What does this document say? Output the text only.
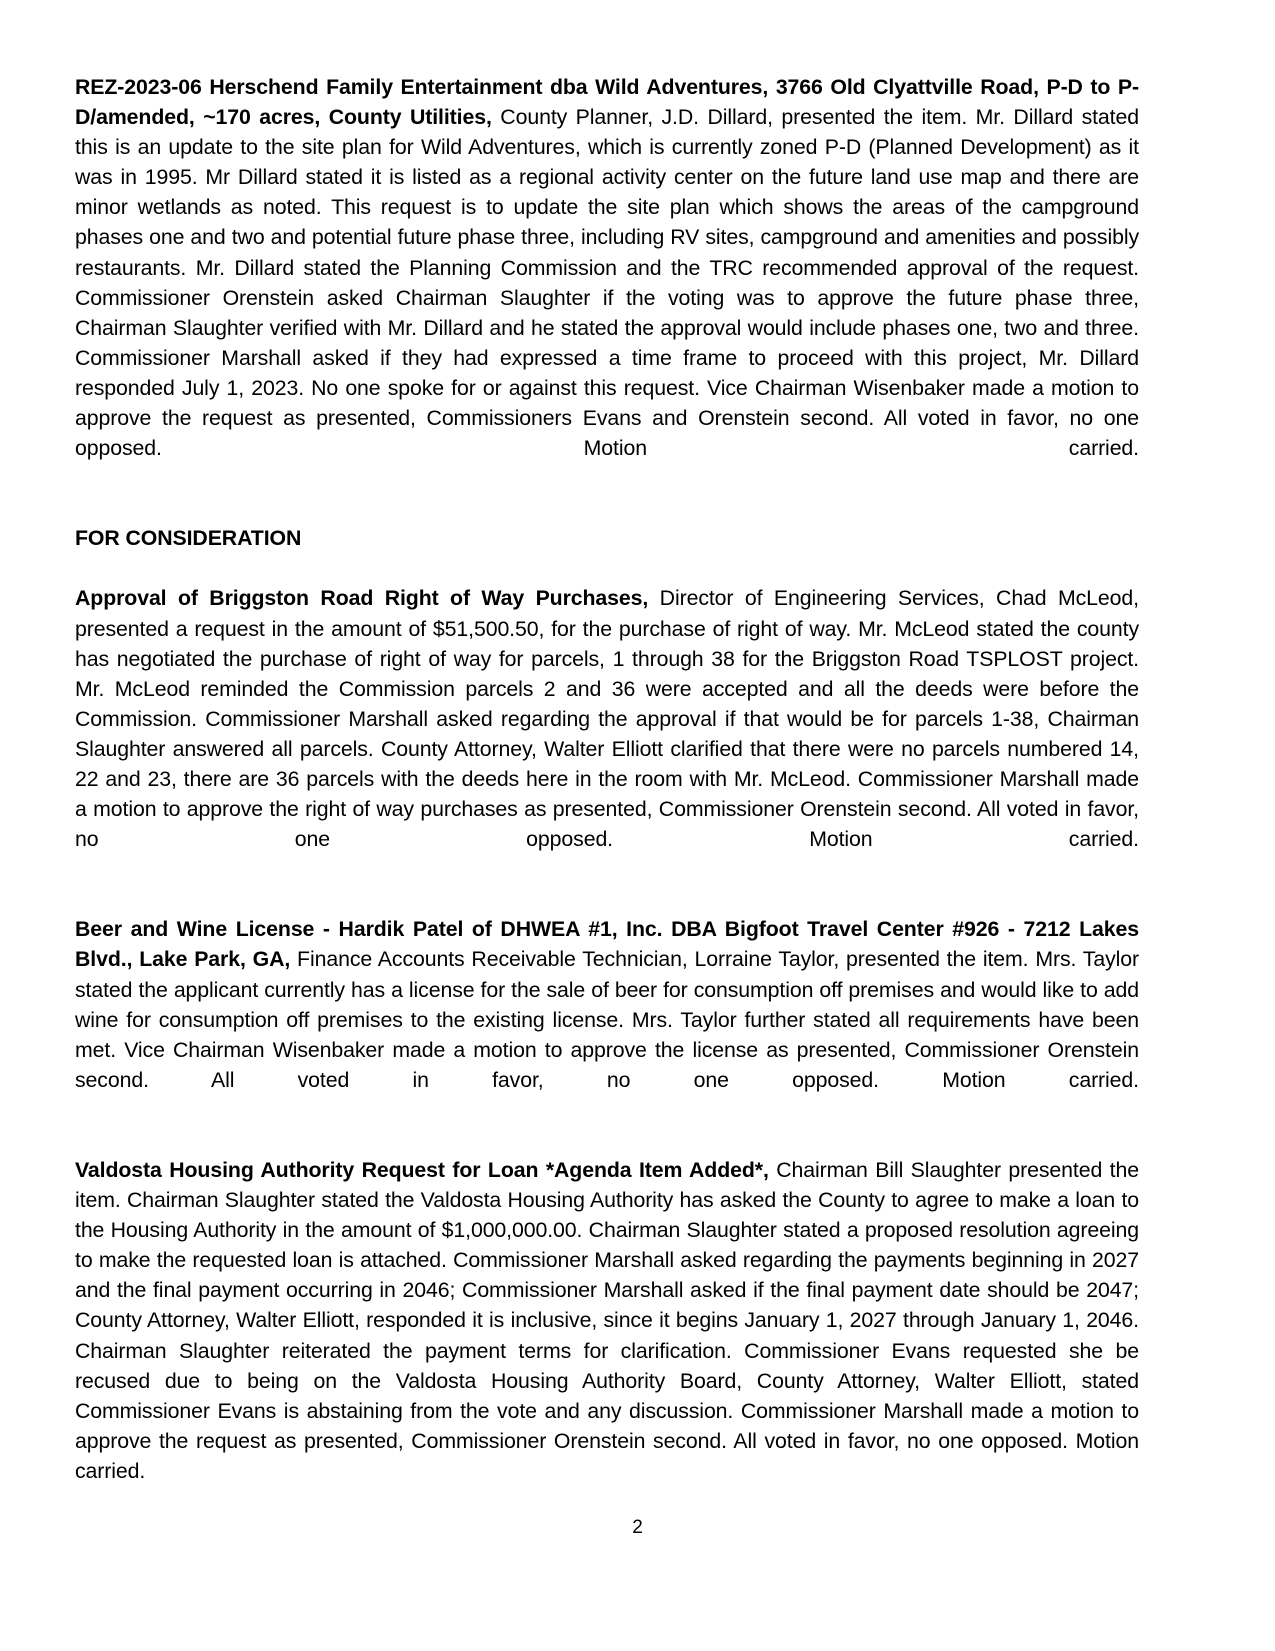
REZ-2023-06 Herschend Family Entertainment dba Wild Adventures, 3766 Old Clyattville Road, P-D to P-D/amended, ~170 acres, County Utilities, County Planner, J.D. Dillard, presented the item. Mr. Dillard stated this is an update to the site plan for Wild Adventures, which is currently zoned P-D (Planned Development) as it was in 1995. Mr Dillard stated it is listed as a regional activity center on the future land use map and there are minor wetlands as noted. This request is to update the site plan which shows the areas of the campground phases one and two and potential future phase three, including RV sites, campground and amenities and possibly restaurants. Mr. Dillard stated the Planning Commission and the TRC recommended approval of the request. Commissioner Orenstein asked Chairman Slaughter if the voting was to approve the future phase three, Chairman Slaughter verified with Mr. Dillard and he stated the approval would include phases one, two and three. Commissioner Marshall asked if they had expressed a time frame to proceed with this project, Mr. Dillard responded July 1, 2023. No one spoke for or against this request. Vice Chairman Wisenbaker made a motion to approve the request as presented, Commissioners Evans and Orenstein second. All voted in favor, no one opposed. Motion carried.

FOR CONSIDERATION

Approval of Briggston Road Right of Way Purchases, Director of Engineering Services, Chad McLeod, presented a request in the amount of $51,500.50, for the purchase of right of way. Mr. McLeod stated the county has negotiated the purchase of right of way for parcels, 1 through 38 for the Briggston Road TSPLOST project. Mr. McLeod reminded the Commission parcels 2 and 36 were accepted and all the deeds were before the Commission. Commissioner Marshall asked regarding the approval if that would be for parcels 1-38, Chairman Slaughter answered all parcels. County Attorney, Walter Elliott clarified that there were no parcels numbered 14, 22 and 23, there are 36 parcels with the deeds here in the room with Mr. McLeod. Commissioner Marshall made a motion to approve the right of way purchases as presented, Commissioner Orenstein second. All voted in favor, no one opposed. Motion carried.

Beer and Wine License - Hardik Patel of DHWEA #1, Inc. DBA Bigfoot Travel Center #926 - 7212 Lakes Blvd., Lake Park, GA, Finance Accounts Receivable Technician, Lorraine Taylor, presented the item. Mrs. Taylor stated the applicant currently has a license for the sale of beer for consumption off premises and would like to add wine for consumption off premises to the existing license. Mrs. Taylor further stated all requirements have been met. Vice Chairman Wisenbaker made a motion to approve the license as presented, Commissioner Orenstein second. All voted in favor, no one opposed. Motion carried.

Valdosta Housing Authority Request for Loan *Agenda Item Added*, Chairman Bill Slaughter presented the item. Chairman Slaughter stated the Valdosta Housing Authority has asked the County to agree to make a loan to the Housing Authority in the amount of $1,000,000.00. Chairman Slaughter stated a proposed resolution agreeing to make the requested loan is attached. Commissioner Marshall asked regarding the payments beginning in 2027 and the final payment occurring in 2046; Commissioner Marshall asked if the final payment date should be 2047; County Attorney, Walter Elliott, responded it is inclusive, since it begins January 1, 2027 through January 1, 2046. Chairman Slaughter reiterated the payment terms for clarification. Commissioner Evans requested she be recused due to being on the Valdosta Housing Authority Board, County Attorney, Walter Elliott, stated Commissioner Evans is abstaining from the vote and any discussion. Commissioner Marshall made a motion to approve the request as presented, Commissioner Orenstein second. All voted in favor, no one opposed. Motion carried.

2
